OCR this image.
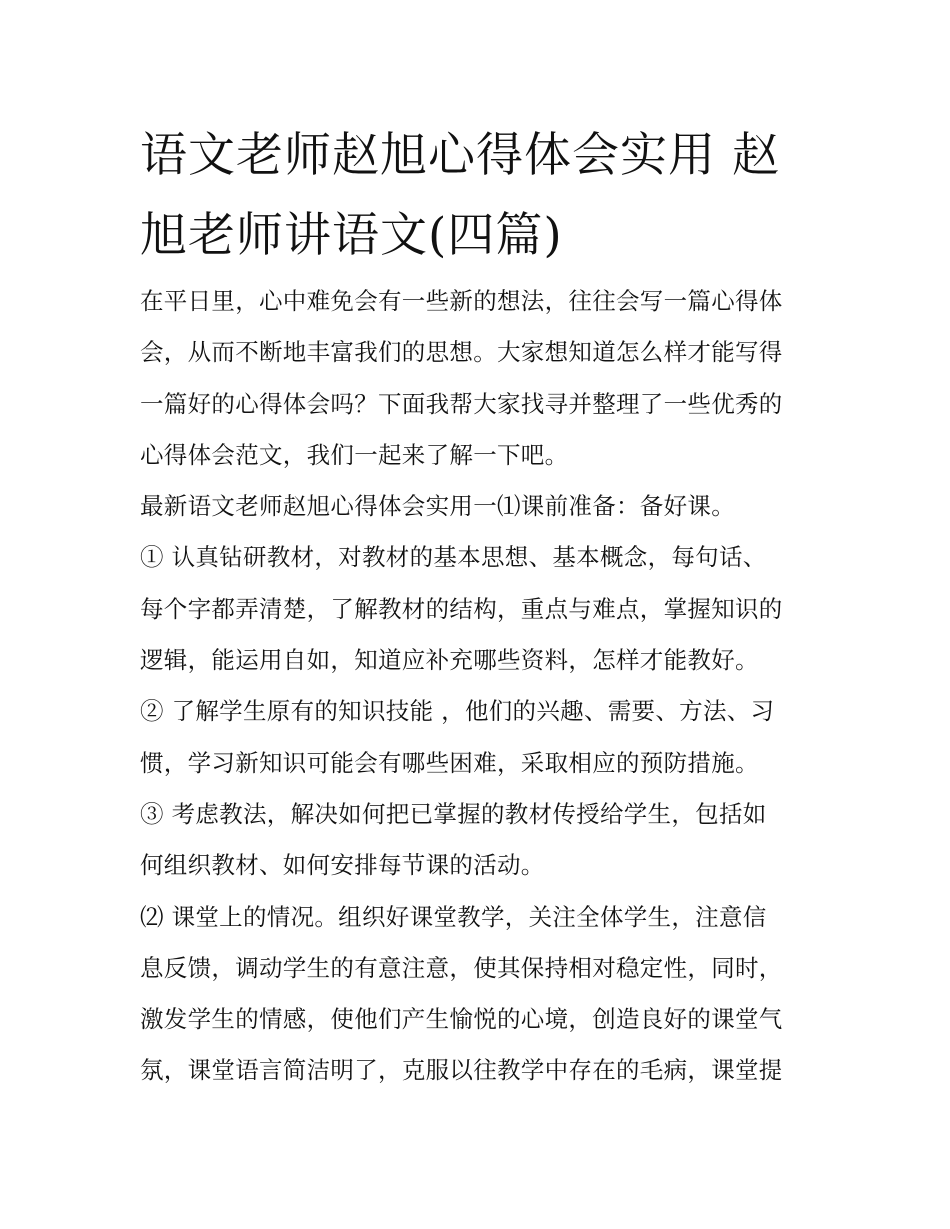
语文老师赵旭心得体会实用 赵
旭老师讲语文(四篇)
在平日里，心中难免会有一些新的想法，往往会写一篇心得体
会，从而不断地丰富我们的思想。大家想知道怎么样才能写得
一篇好的心得体会吗？下面我帮大家找寻并整理了一些优秀的
心得体会范文，我们一起来了解一下吧。
最新语文老师赵旭心得体会实用一⑴课前准备：备好课。
① 认真钻研教材，对教材的基本思想、基本概念，每句话、
每个字都弄清楚，了解教材的结构，重点与难点，掌握知识的
逻辑，能运用自如，知道应补充哪些资料，怎样才能教好。
② 了解学生原有的知识技能 ，他们的兴趣、需要、方法、习
惯，学习新知识可能会有哪些困难，采取相应的预防措施。
③ 考虑教法，解决如何把已掌握的教材传授给学生，包括如
何组织教材、如何安排每节课的活动。
⑵ 课堂上的情况。组织好课堂教学，关注全体学生，注意信
息反馈，调动学生的有意注意，使其保持相对稳定性，同时，
激发学生的情感，使他们产生愉悦的心境，创造良好的课堂气
氛，课堂语言简洁明了，克服以往教学中存在的毛病，课堂提
